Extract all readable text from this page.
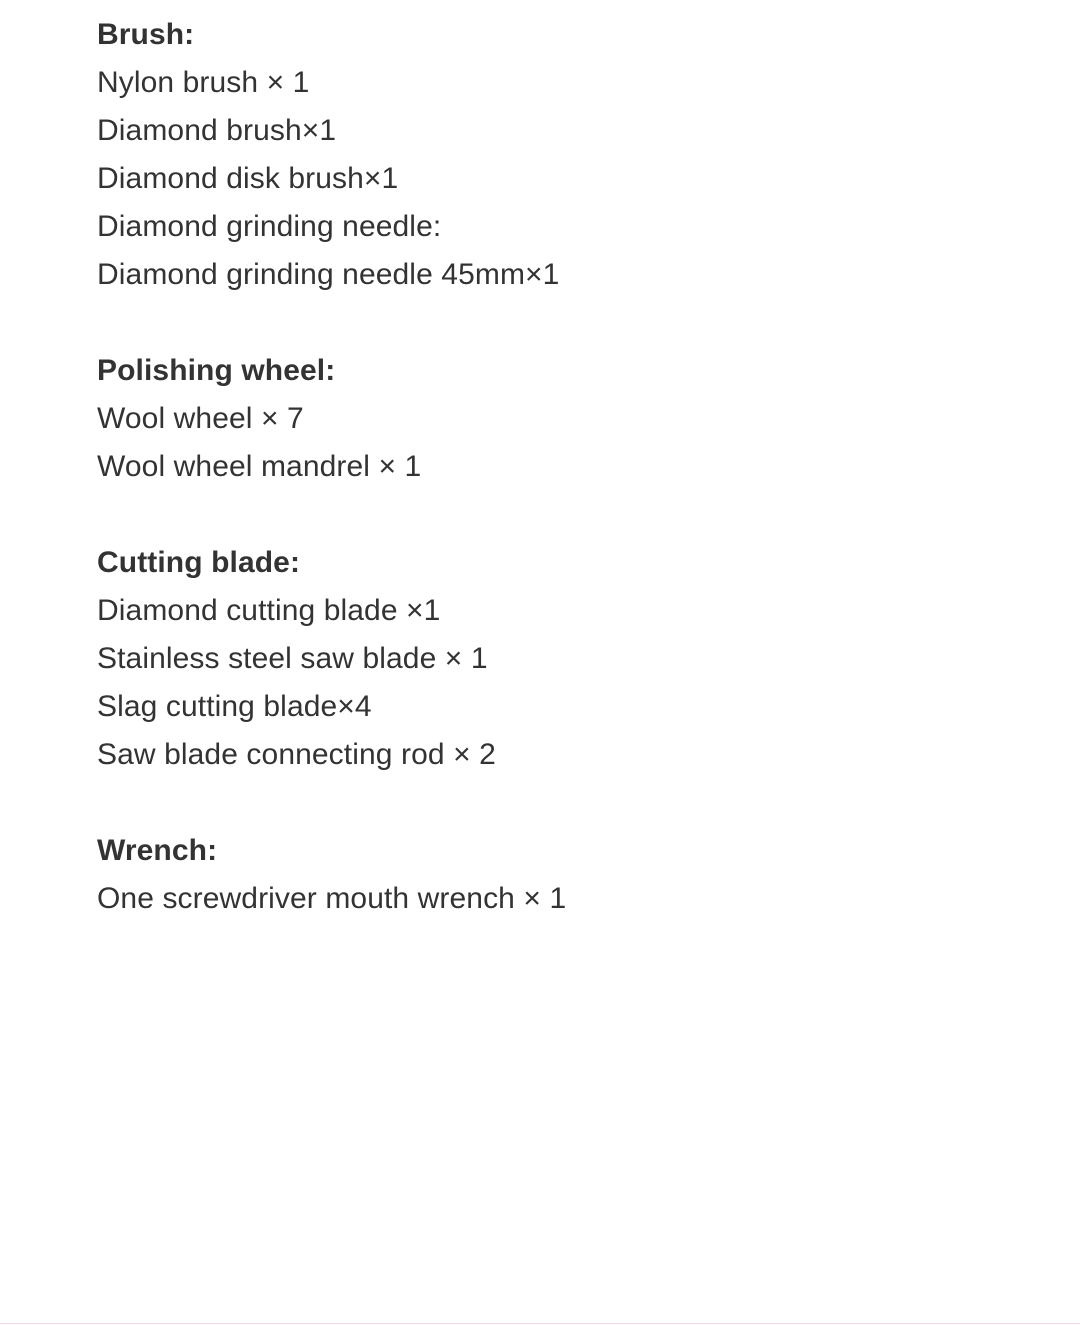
Brush:
Nylon brush × 1
Diamond brush×1
Diamond disk brush×1
Diamond grinding needle:
Diamond grinding needle 45mm×1
Polishing wheel:
Wool wheel × 7
Wool wheel mandrel × 1
Cutting blade:
Diamond cutting blade ×1
Stainless steel saw blade × 1
Slag cutting blade×4
Saw blade connecting rod × 2
Wrench:
One screwdriver mouth wrench × 1
